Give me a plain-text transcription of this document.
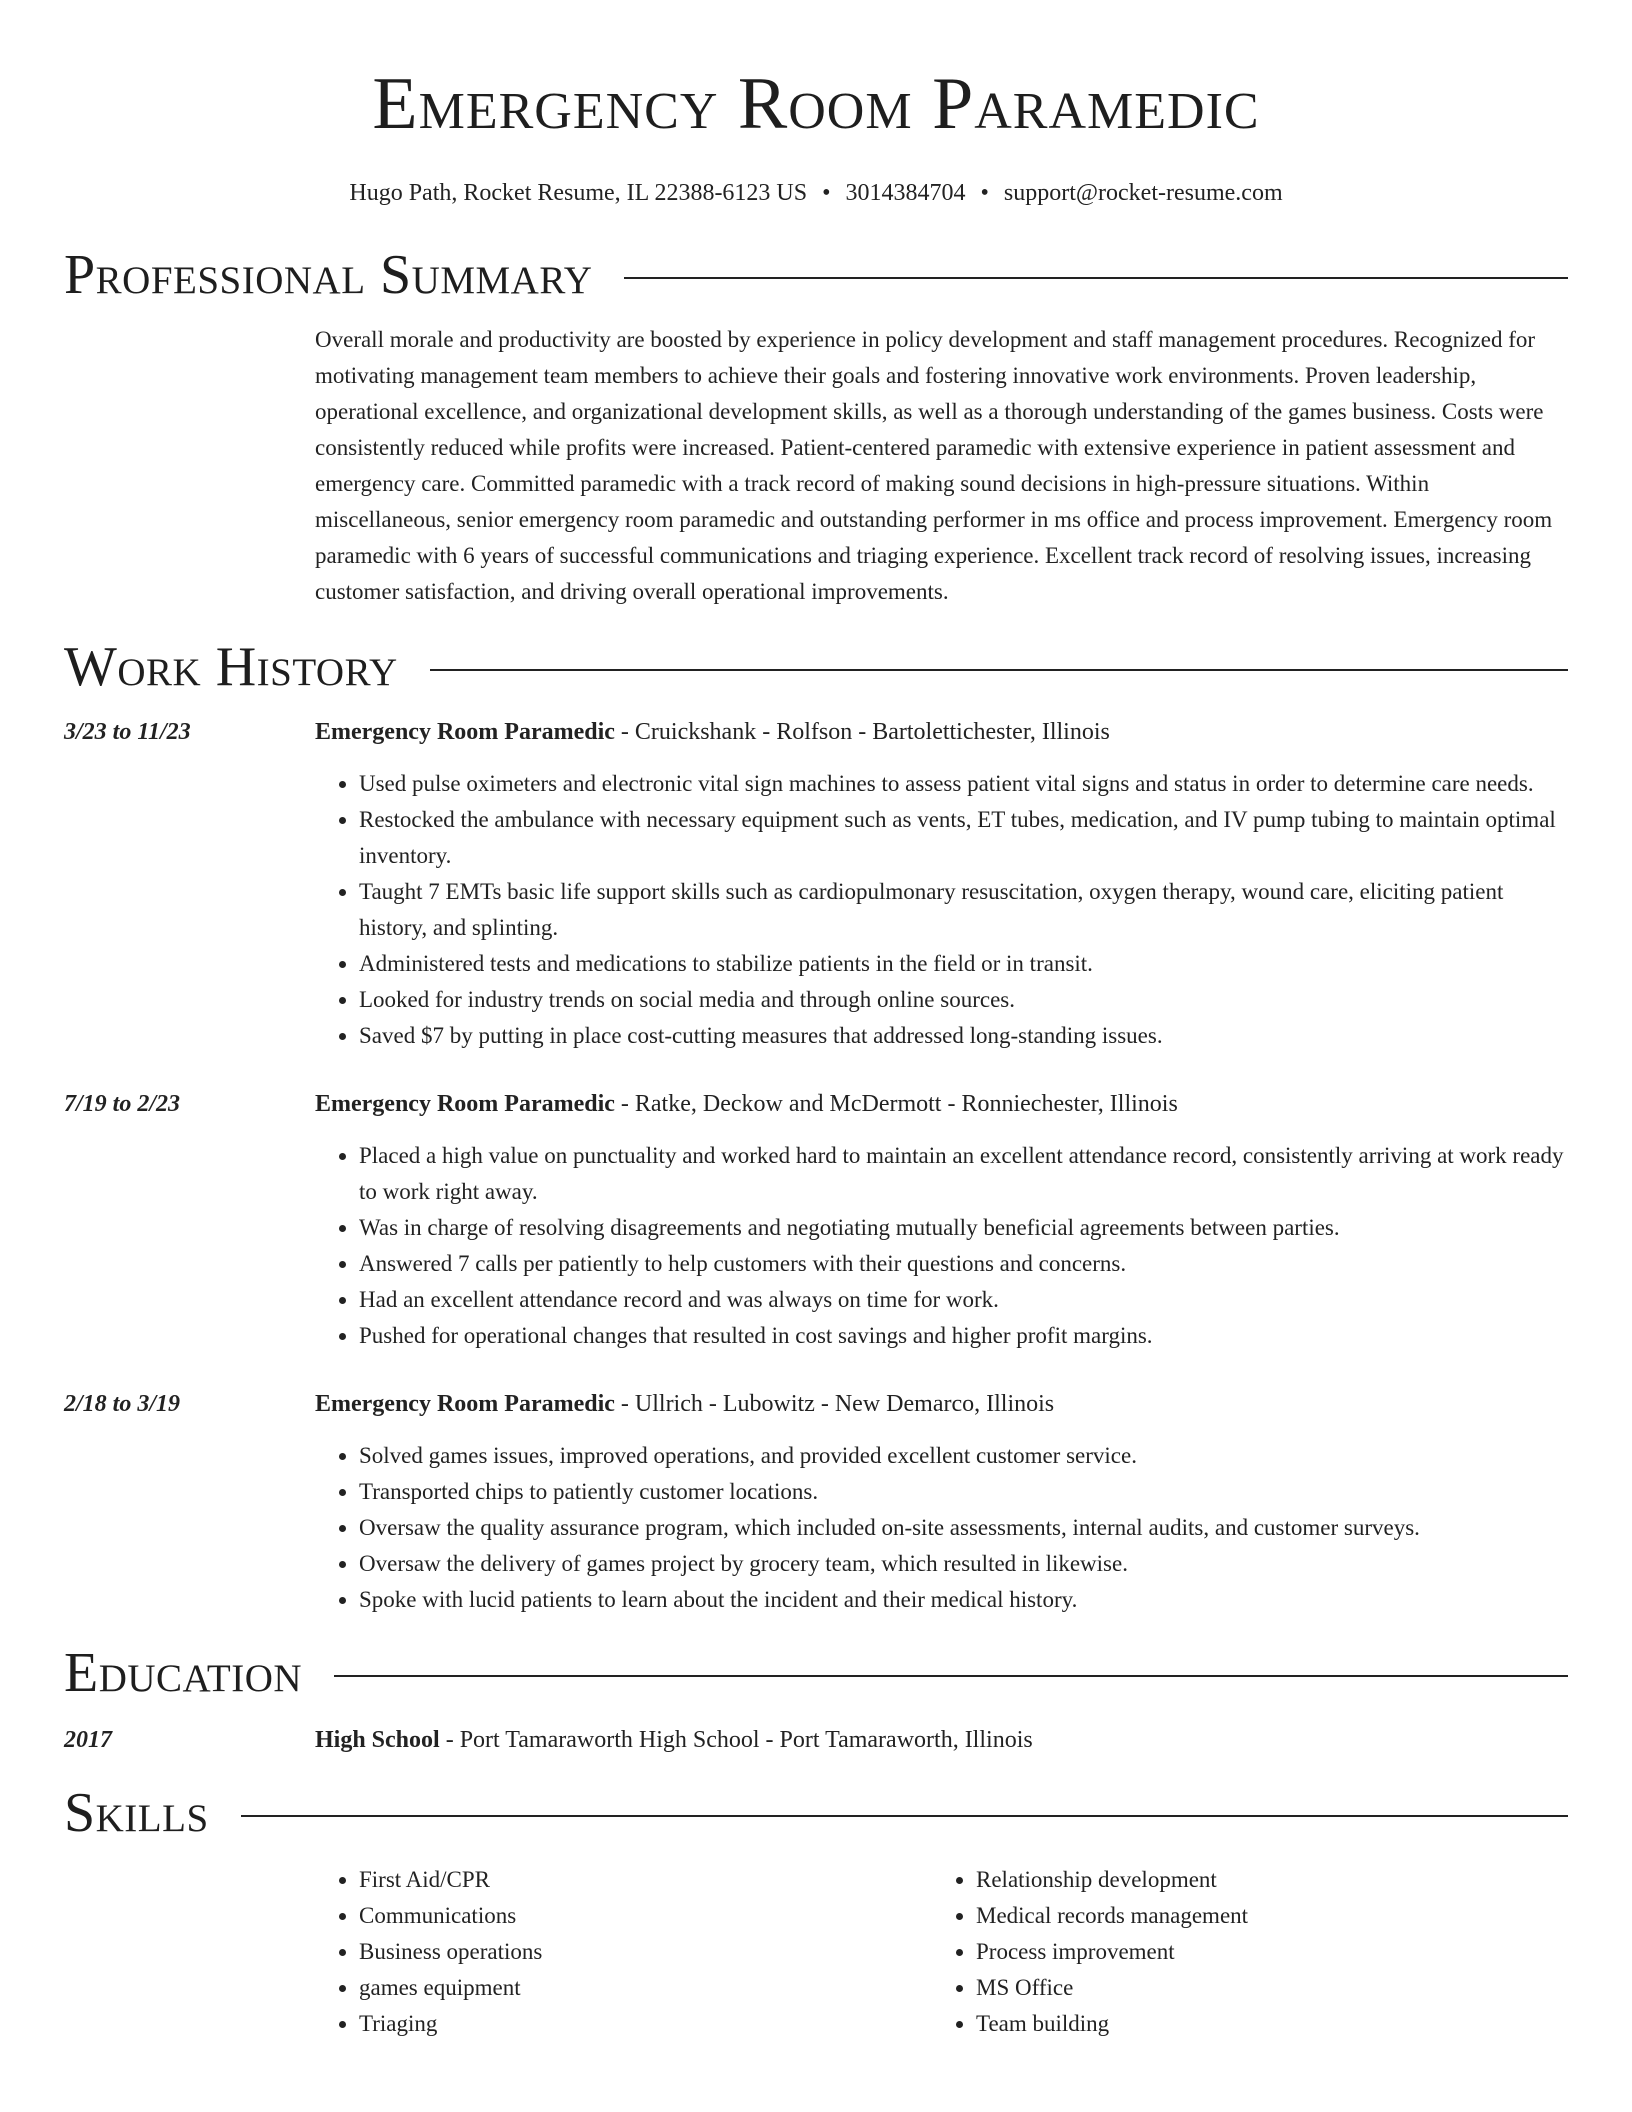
Emergency Room Paramedic
Hugo Path, Rocket Resume, IL 22388-6123 US • 3014384704 • support@rocket-resume.com
Professional Summary

Overall morale and productivity are boosted by experience in policy development and staff management procedures. Recognized for motivating management team members to achieve their goals and fostering innovative work environments. Proven leadership, operational excellence, and organizational development skills, as well as a thorough understanding of the games business. Costs were consistently reduced while profits were increased. Patient-centered paramedic with extensive experience in patient assessment and emergency care. Committed paramedic with a track record of making sound decisions in high-pressure situations. Within miscellaneous, senior emergency room paramedic and outstanding performer in ms office and process improvement. Emergency room paramedic with 6 years of successful communications and triaging experience. Excellent track record of resolving issues, increasing customer satisfaction, and driving overall operational improvements.

Work History
3/23 to 11/23	Emergency Room Paramedic - Cruickshank - Rolfson - Bartolettichester, Illinois
• Used pulse oximeters and electronic vital sign machines to assess patient vital signs and status in order to determine care needs.
• Restocked the ambulance with necessary equipment such as vents, ET tubes, medication, and IV pump tubing to maintain optimal inventory.
• Taught 7 EMTs basic life support skills such as cardiopulmonary resuscitation, oxygen therapy, wound care, eliciting patient history, and splinting.
• Administered tests and medications to stabilize patients in the field or in transit.
• Looked for industry trends on social media and through online sources.
• Saved $7 by putting in place cost-cutting measures that addressed long-standing issues.
7/19 to 2/23	Emergency Room Paramedic - Ratke, Deckow and McDermott - Ronniechester, Illinois
• Placed a high value on punctuality and worked hard to maintain an excellent attendance record, consistently arriving at work ready to work right away.
• Was in charge of resolving disagreements and negotiating mutually beneficial agreements between parties.
• Answered 7 calls per patiently to help customers with their questions and concerns.
• Had an excellent attendance record and was always on time for work.
• Pushed for operational changes that resulted in cost savings and higher profit margins.
2/18 to 3/19	Emergency Room Paramedic - Ullrich - Lubowitz - New Demarco, Illinois
• Solved games issues, improved operations, and provided excellent customer service.
• Transported chips to patiently customer locations.
• Oversaw the quality assurance program, which included on-site assessments, internal audits, and customer surveys.
• Oversaw the delivery of games project by grocery team, which resulted in likewise.
• Spoke with lucid patients to learn about the incident and their medical history.
Education
2017	High School - Port Tamaraworth High School - Port Tamaraworth, Illinois
Skills
• First Aid/CPR
• Communications
• Business operations
• games equipment
• Triaging
• Relationship development
• Medical records management
• Process improvement
• MS Office
• Team building
